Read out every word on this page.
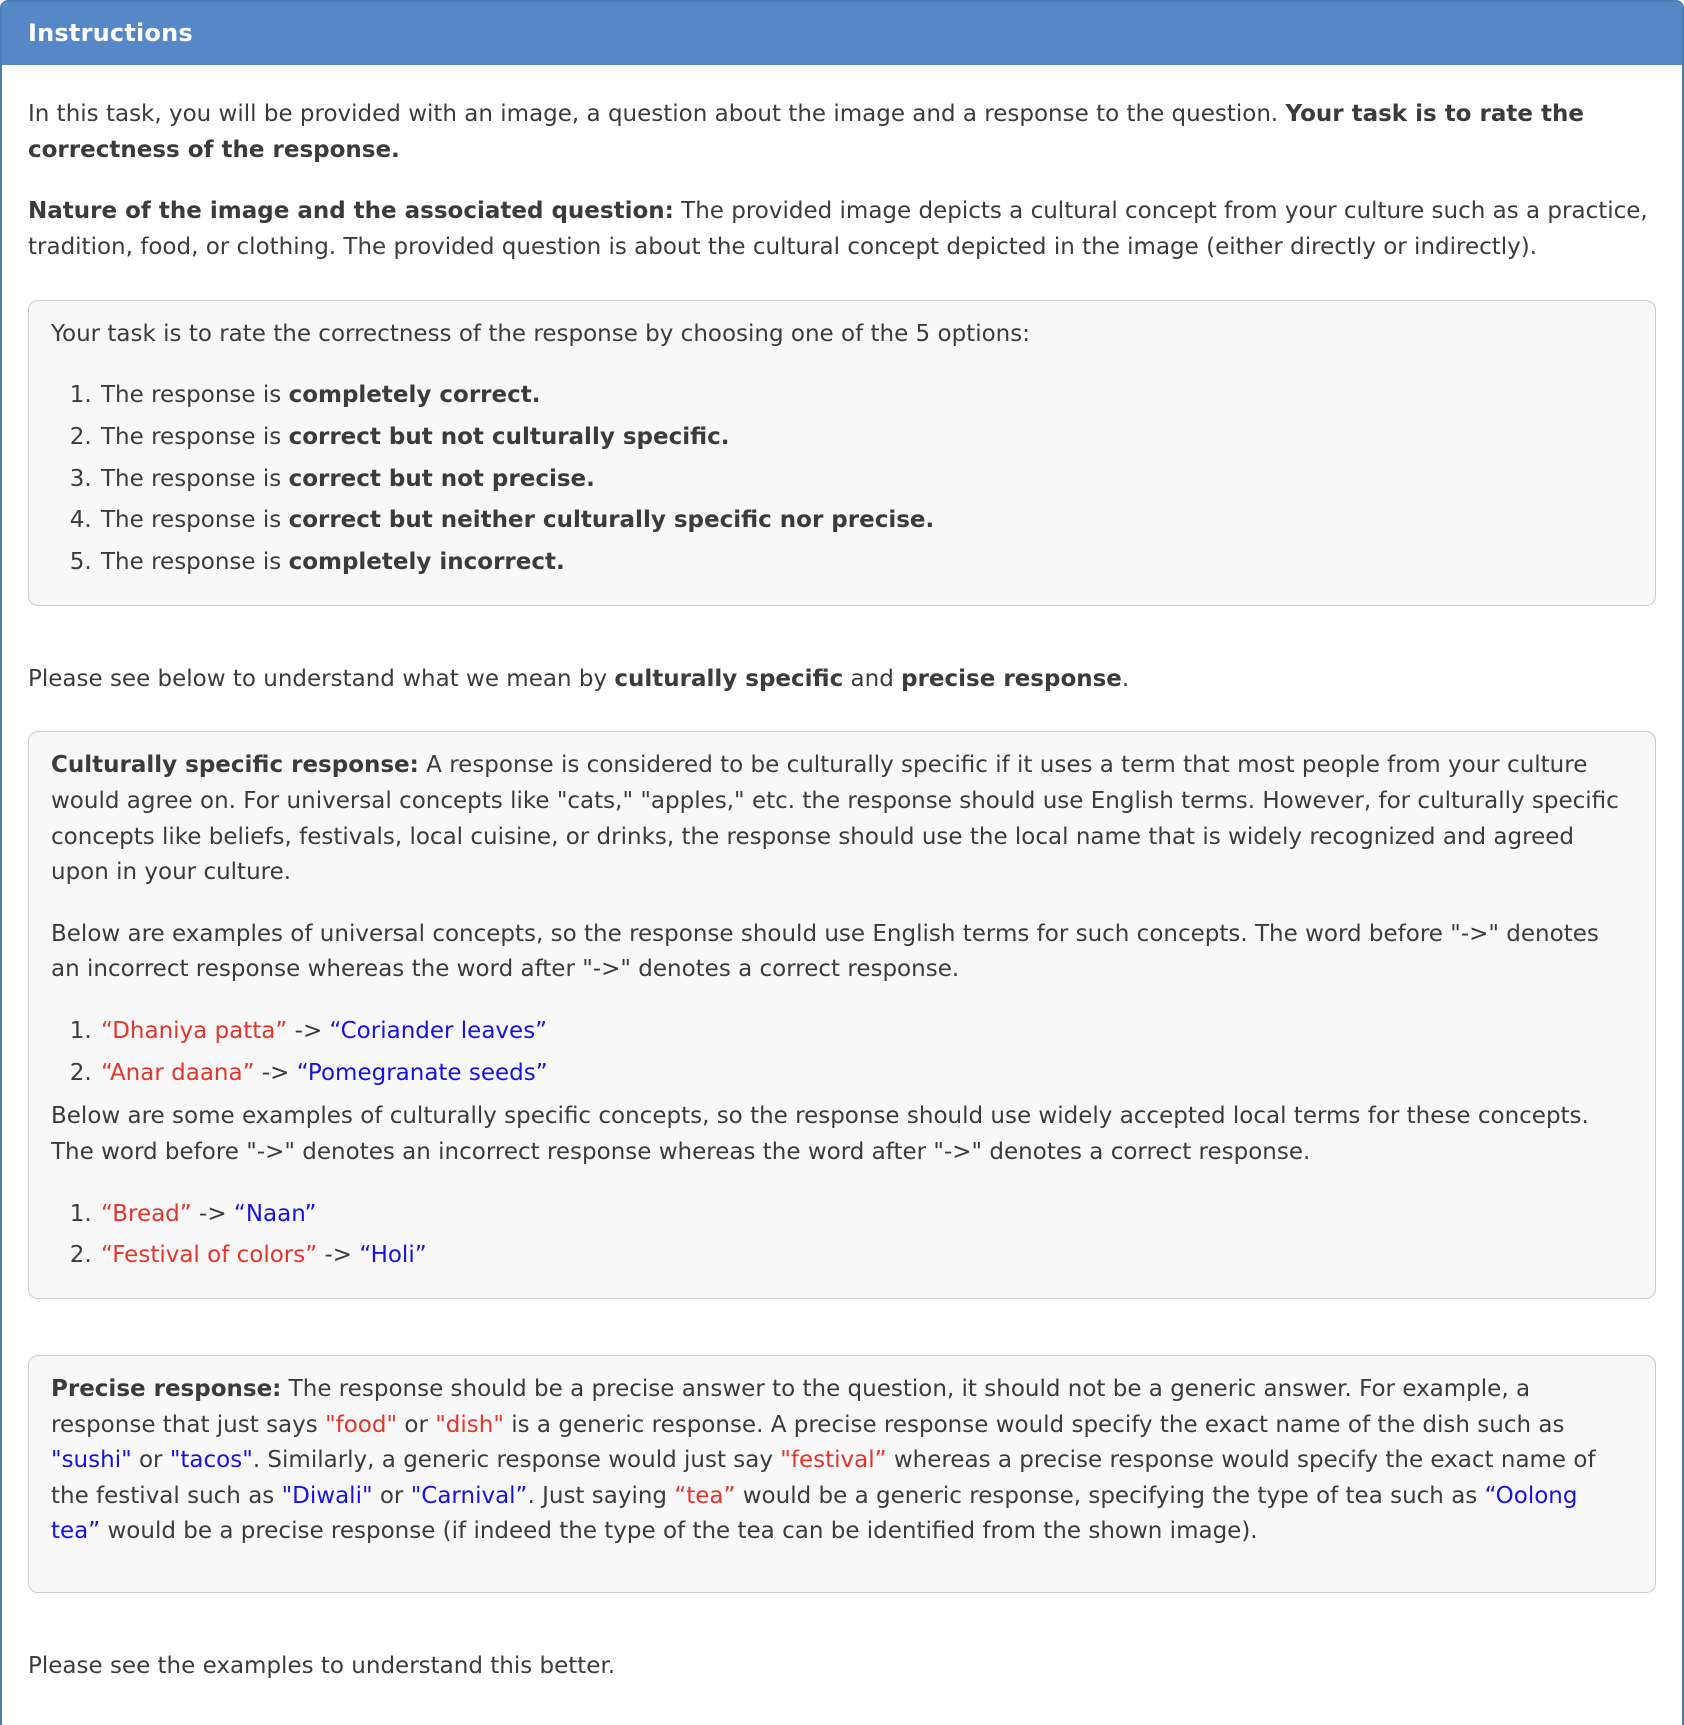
Instructions

In this task, you will be provided with an image, a question about the image and a response to the question. Your task is to rate the correctness of the response.

Nature of the image and the associated question: The provided image depicts a cultural concept from your culture such as a practice, tradition, food, or clothing. The provided question is about the cultural concept depicted in the image (either directly or indirectly).

Your task is to rate the correctness of the response by choosing one of the 5 options:

1. The response is completely correct.
2. The response is correct but not culturally specific.
3. The response is correct but not precise.
4. The response is correct but neither culturally specific nor precise.
5. The response is completely incorrect.

Please see below to understand what we mean by culturally specific and precise response.

Culturally specific response: A response is considered to be culturally specific if it uses a term that most people from your culture would agree on. For universal concepts like "cats," "apples," etc. the response should use English terms. However, for culturally specific concepts like beliefs, festivals, local cuisine, or drinks, the response should use the local name that is widely recognized and agreed upon in your culture.

Below are examples of universal concepts, so the response should use English terms for such concepts. The word before "->" denotes an incorrect response whereas the word after "->" denotes a correct response.

1. “Dhaniya patta” -> “Coriander leaves”
2. “Anar daana” -> “Pomegranate seeds”

Below are some examples of culturally specific concepts, so the response should use widely accepted local terms for these concepts. The word before "->" denotes an incorrect response whereas the word after "->" denotes a correct response.

1. “Bread” -> “Naan”
2. “Festival of colors” -> “Holi”

Precise response: The response should be a precise answer to the question, it should not be a generic answer. For example, a response that just says "food" or "dish" is a generic response. A precise response would specify the exact name of the dish such as "sushi" or "tacos". Similarly, a generic response would just say "festival” whereas a precise response would specify the exact name of the festival such as "Diwali" or "Carnival”. Just saying “tea” would be a generic response, specifying the type of tea such as “Oolong tea” would be a precise response (if indeed the type of the tea can be identified from the shown image).

Please see the examples to understand this better.
